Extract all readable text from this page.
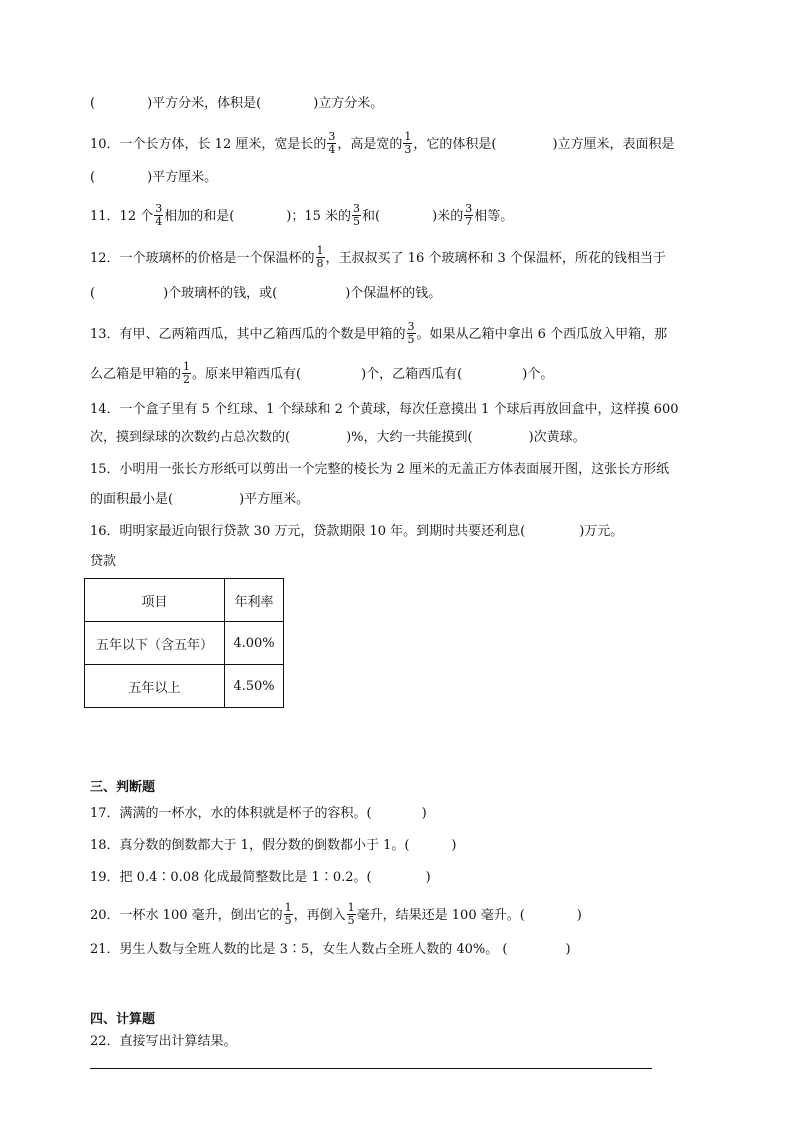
(	)平方分米，体积是(	)立方分米。
10．一个长方体，长 12 厘米，宽是长的 $\frac{3}{4}$ ，高是宽的 $\frac{1}{3}$ ，它的体积是(	)立方厘米，表面积是
(	)平方厘米。
11．12 个 $\frac{3}{4}$ 相加的和是(	)；15 米的 $\frac{3}{5}$ 和(	)米的 $\frac{3}{7}$ 相等。
12．一个玻璃杯的价格是一个保温杯的 $\frac{1}{8}$ ，王叔叔买了 16 个玻璃杯和 3 个保温杯，所花的钱相当于
(	)个玻璃杯的钱，或(	)个保温杯的钱。
13．有甲、乙两箱西瓜，其中乙箱西瓜的个数是甲箱的 $\frac{3}{5}$ 。如果从乙箱中拿出 6 个西瓜放入甲箱，那
么乙箱是甲箱的 $\frac{1}{2}$ 。原来甲箱西瓜有(	)个，乙箱西瓜有(	)个。
14．一个盒子里有 5 个红球、1 个绿球和 2 个黄球，每次任意摸出 1 个球后再放回盒中，这样摸 600
次，摸到绿球的次数约占总次数的(	)%，大约一共能摸到(	)次黄球。
15．小明用一张长方形纸可以剪出一个完整的棱长为 2 厘米的无盖正方体表面展开图，这张长方形纸
的面积最小是(	)平方厘米。
16．明明家最近向银行贷款 30 万元，贷款期限 10 年。到期时共要还利息(	)万元。
贷款
项目	年利率
五年以下（含五年）	4.00%
五年以上	4.50%
三、判断题
17．满满的一杯水，水的体积就是杯子的容积。(	)
18．真分数的倒数都大于 1，假分数的倒数都小于 1。(	)
19．把 0.4∶0.08 化成最简整数比是 1∶0.2。(	)
20．一杯水 100 毫升，倒出它的 $\frac{1}{5}$ ，再倒入 $\frac{1}{5}$ 毫升，结果还是 100 毫升。(	)
21．男生人数与全班人数的比是 3∶5，女生人数占全班人数的 40%。 (	)
四、计算题
22．直接写出计算结果。
